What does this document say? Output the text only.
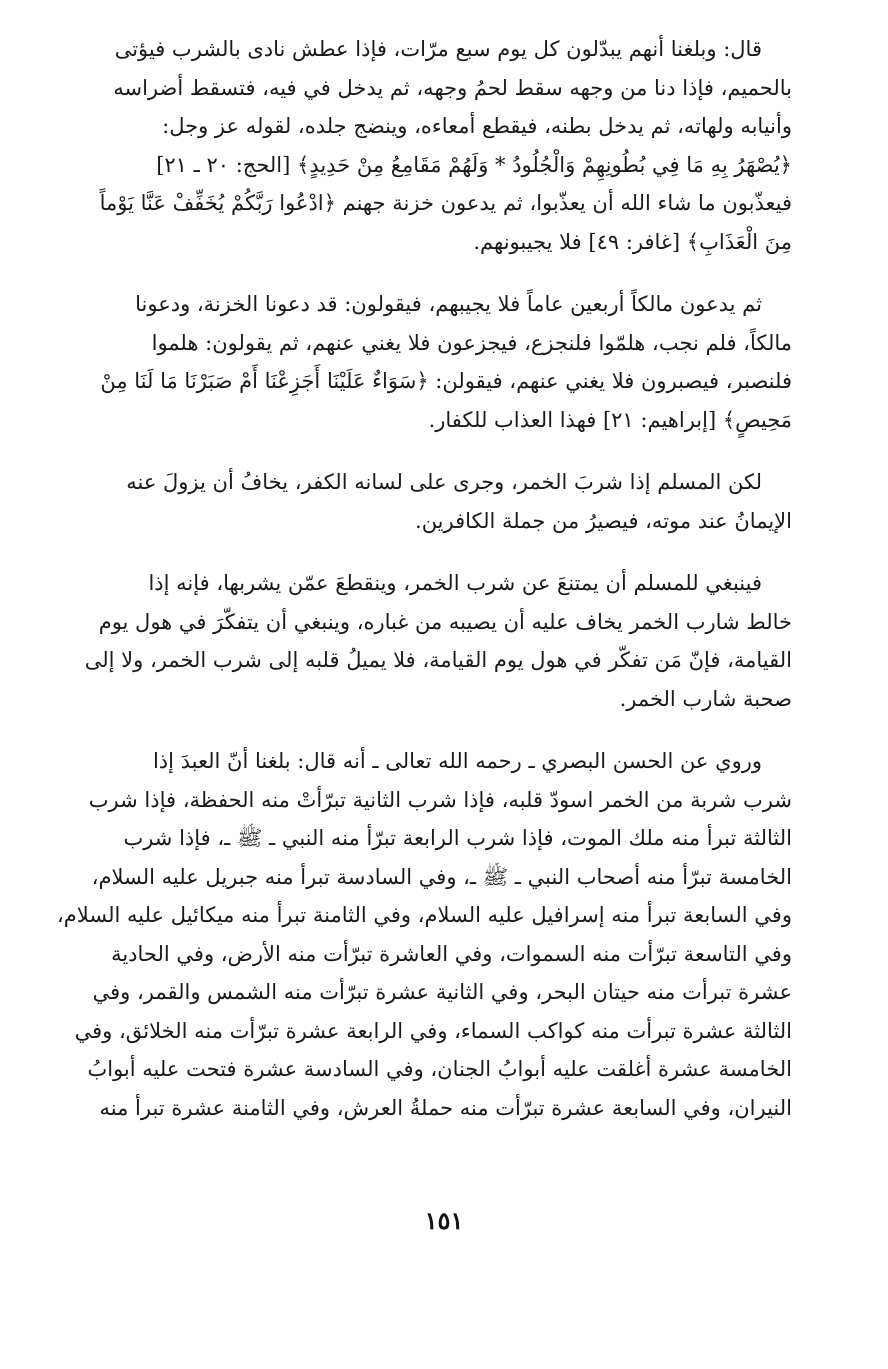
قال: وبلغنا أنهم يبدّلون كل يوم سبع مرّات، فإذا عطش نادى بالشرب فيؤتى
بالحميم، فإذا دنا من وجهه سقط لحمُ وجهه، ثم يدخل في فيه، فتسقط أضراسه
وأنيابه ولهاته، ثم يدخل بطنه، فيقطع أمعاءه، وينضج جلده، لقوله عز وجل:
﴿يُصْهَرُ بِهِ مَا فِي بُطُونِهِمْ وَالْجُلُودُ * وَلَهُمْ مَقَامِعُ مِنْ حَدِيدٍ﴾ [الحج: ٢٠ ـ ٢١]
فيعذّبون ما شاء الله أن يعذّبوا، ثم يدعون خزنة جهنم ﴿ادْعُوا رَبَّكُمْ يُخَفِّفْ عَنَّا يَوْماً
مِنَ الْعَذَابِ﴾ [غافر: ٤٩] فلا يجيبونهم.

ثم يدعون مالكاً أربعين عاماً فلا يجيبهم، فيقولون: قد دعونا الخزنة، ودعونا
مالكاً، فلم نجب، هلمّوا فلنجزع، فيجزعون فلا يغني عنهم، ثم يقولون: هلموا
فلنصبر، فيصبرون فلا يغني عنهم، فيقولن: ﴿سَوَاءٌ عَلَيْنَا أَجَزِعْنَا أَمْ صَبَرْنَا مَا لَنَا مِنْ
مَحِيصٍ﴾ [إبراهيم: ٢١] فهذا العذاب للكفار.

لكن المسلم إذا شربَ الخمر، وجرى على لسانه الكفر، يخافُ أن يزولَ عنه
الإيمانُ عند موته، فيصيرُ من جملة الكافرين.

فينبغي للمسلم أن يمتنعَ عن شرب الخمر، وينقطعَ عمّن يشربها، فإنه إذا
خالط شارب الخمر يخاف عليه أن يصيبه من غباره، وينبغي أن يتفكّرَ في هول يوم
القيامة، فإنّ مَن تفكّر في هول يوم القيامة، فلا يميلُ قلبه إلى شرب الخمر، ولا إلى
صحبة شارب الخمر.

وروي عن الحسن البصري ـ رحمه الله تعالى ـ أنه قال: بلغنا أنّ العبدَ إذا
شرب شربة من الخمر اسودّ قلبه، فإذا شرب الثانية تبرّأتْ منه الحفظة، فإذا شرب
الثالثة تبرأ منه ملك الموت، فإذا شرب الرابعة تبرّأ منه النبي ـ ﷺ ـ، فإذا شرب
الخامسة تبرّأ منه أصحاب النبي ـ ﷺ ـ، وفي السادسة تبرأ منه جبريل عليه السلام،
وفي السابعة تبرأ منه إسرافيل عليه السلام، وفي الثامنة تبرأ منه ميكائيل عليه السلام،
وفي التاسعة تبرّأت منه السموات، وفي العاشرة تبرّأت منه الأرض، وفي الحادية
عشرة تبرأت منه حيتان البحر، وفي الثانية عشرة تبرّأت منه الشمس والقمر، وفي
الثالثة عشرة تبرأت منه كواكب السماء، وفي الرابعة عشرة تبرّأت منه الخلائق، وفي
الخامسة عشرة أغلقت عليه أبوابُ الجنان، وفي السادسة عشرة فتحت عليه أبوابُ
النيران، وفي السابعة عشرة تبرّأت منه حملةُ العرش، وفي الثامنة عشرة تبرأ منه

١٥١
